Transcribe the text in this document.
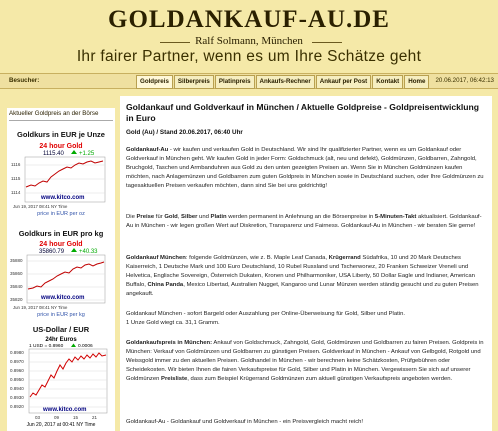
GOLDANKAUF-AU.DE
Ralf Solmann, München
Ihr fairer Partner, wenn es um Ihre Schätze geht
Besucher:	Goldpreis	Silberpreis	Platinpreis	Ankaufs-Rechner	Ankauf per Post	Kontakt	Home	20.06.2017, 06:42:13
Aktueller Goldpreis an der Börse
Goldkurs in EUR je Unze
24 hour Gold
1115.40	+1.25
1116
1115
1114
www.kitco.com
Jun 19, 2017 08:41 NY Time
price in EUR per oz
Goldkurs in EUR pro kg
24 hour Gold
35860.79 +40.33
35880
35860
35840
35820	www.kitco.com
Jun 19, 2017 08:41 NY Time
price in EUR per kg
US-Dollar / EUR
24hr Euros
1 USD = 0.8960	0.0006
0.8980
0.8970
0.8960
0.8950
0.8940
0.8930
0.8920
www.kitco.com
03	09	15	21
Jun 20, 2017 at 00:41 NY Time
Goldankauf und Goldverkauf in München / Aktuelle Goldpreise - Goldpreisentwicklung in Euro
Gold (Au) / Stand 20.06.2017, 06:40 Uhr

Goldankauf-Au - wir kaufen und verkaufen Gold in Deutschland. Wir sind Ihr qualifizierter Partner, wenn es um Goldankauf oder Goldverkauf in München geht. Wir kaufen Gold in jeder Form: Goldschmuck (alt, neu und defekt), Goldmünzen, Goldbarren, Zahngold, Bruchgold, Taschen und Armbanduhren aus Gold zu den unten gezeigten Preisen an. Wenn Sie in München Goldmünzen kaufen möchten, nach Anlagemünzen und Goldbarren zum guten Goldpreis in München sowie in Deutschland suchen, oder Ihre Goldmünzen zu tagesaktuellen Preisen verkaufen möchten, dann sind Sie bei uns goldrichtig!

Die Preise für Gold, Silber und Platin werden permanent in Anlehnung an die Börsenpreise in 5-Minuten-Takt aktualisiert. Goldankauf-Au in München - wir legen großen Wert auf Diskretion, Transparenz und Fairness. Goldankauf-Au in München - wir beraten Sie gerne!

Goldankauf München: folgende Goldmünzen, wie z. B. Maple Leaf Canada, Krügerrand Südafrika, 10 und 20 Mark Deutsches Kaiserreich, 1 Deutsche Mark und 100 Euro Deutschland, 10 Rubel Russland und Tscherwonez, 20 Franken Schweizer Vreneli und Helvetica, Englische Sovereign, Österreich Dukaten, Kronen und Philharmoniker, USA Liberty, 50 Dollar Eagle und Indianer, American Buffalo, China Panda, Mexico Libertad, Australien Nugget, Kangaroo und Lunar Münzen werden ständig gesucht und zu guten Preisen angekauft.

Goldankauf München - sofort Bargeld oder Auszahlung per Online-Überweisung für Gold, Silber und Platin.
1 Unze Gold wiegt ca. 31,1 Gramm.

Goldankaufspreis in München: Ankauf von Goldschmuck, Zahngold, Gold, Goldmünzen und Goldbarren zu fairen Preisen. Goldpreis in München: Verkauf von Goldmünzen und Goldbarren zu günstigen Preisen. Goldverkauf in München - Ankauf von Gelbgold, Rotgold und Weissgold immer zu den aktuellen Preisen. Goldhandel in München - wir berechnen keine Schätzkosten, Prüfgebühren oder Scheidekosten. Wir bieten Ihnen die fairen Verkaufspreise für Gold, Silber und Platin in München. Vergewissern Sie sich auf unserer Goldmünzen Preisliste, dass zum Beispiel Krügerrand Goldmünzen zum aktuell günstigen Verkaufspreis angeboten werden.

Goldankauf-Au - Goldankauf und Goldverkauf in München - ein Preisvergleich macht reich!
